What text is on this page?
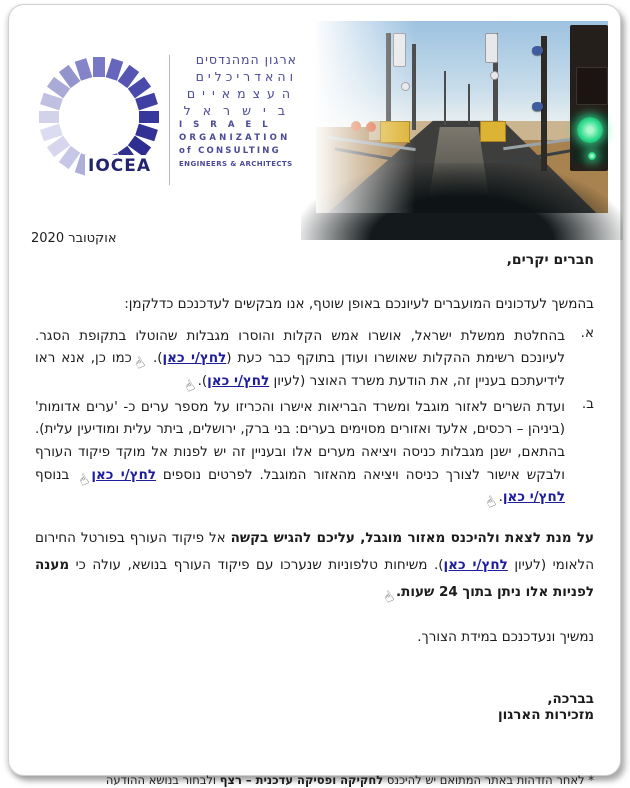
IOCEA
ארגון המהנדסים
והאדריכלים
העצמאיים
בישראל
ISRAEL
ORGANIZATION
of CONSULTING
ENGINEERS & ARCHITECTS
אוקטובר 2020
חברים יקרים,

בהמשך לעדכונים המועברים לעיונכם באופן שוטף, אנו מבקשים לעדכנכם כדלקמן:

א.
בהחלטת ממשלת ישראל, אושרו אמש הקלות והוסרו מגבלות שהוטלו בתקופת הסגר. לעיונכם רשימת ההקלות שאושרו ועודן בתוקף כבר כעת (לחץ/י כאן). ☝כמו כן, אנא ראו לידיעתכם בעניין זה, את הודעת משרד האוצר (לעיון לחץ/י כאן).☝
ב.
ועדת השרים לאזור מוגבל ומשרד הבריאות אישרו והכריזו על מספר ערים כ- 'ערים אדומות' (ביניהן – רכסים, אלעד ואזורים מסוימים בערים: בני ברק, ירושלים, ביתר עלית ומודיעין עלית). בהתאם, ישנן מגבלות כניסה ויציאה מערים אלו ובעניין זה יש לפנות אל מוקד פיקוד העורף ולבקש אישור לצורך כניסה ויציאה מהאזור המוגבל. לפרטים נוספים לחץ/י כאן☝ בנוסף לחץ/י כאן.☝

על מנת לצאת ולהיכנס מאזור מוגבל, עליכם להגיש בקשה אל פיקוד העורף בפורטל החירום הלאומי (לעיון לחץ/י כאן). משיחות טלפוניות שנערכו עם פיקוד העורף בנושא, עולה כי מענה לפניות אלו ניתן בתוך 24 שעות.☝

נמשיך ונעדכנכם במידת הצורך.

בברכה,
מזכירות הארגון
* לאחר הזדהות באתר המתואם יש להיכנס לחקיקה ופסיקה עדכנית – רצף ולבחור בנושא ההודעה
